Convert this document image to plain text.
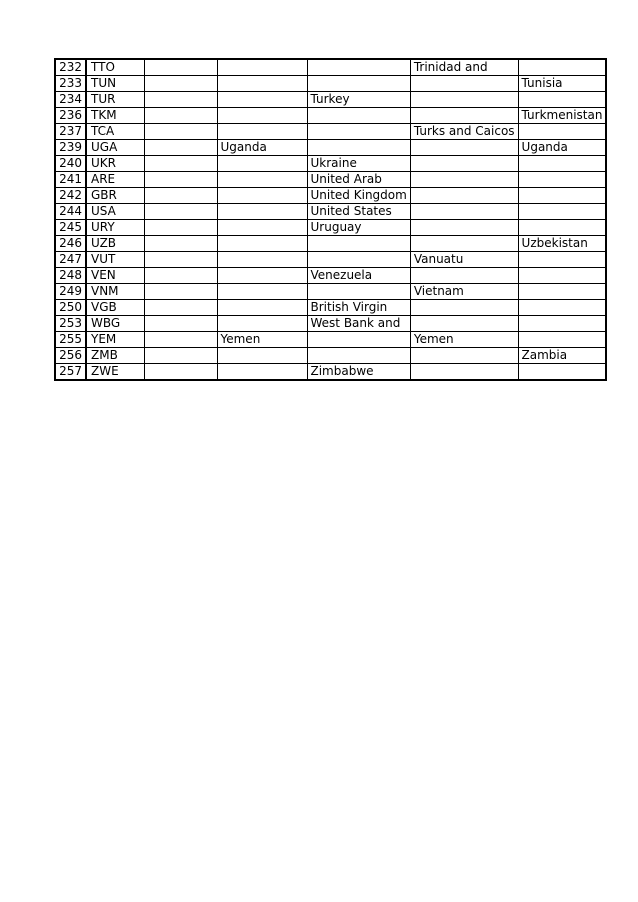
232	TTO				Trinidad and	
233	TUN					Tunisia
234	TUR			Turkey		
236	TKM					Turkmenistan
237	TCA				Turks and Caicos	
239	UGA		Uganda			Uganda
240	UKR			Ukraine		
241	ARE			United Arab		
242	GBR			United Kingdom		
244	USA			United States		
245	URY			Uruguay		
246	UZB					Uzbekistan
247	VUT				Vanuatu	
248	VEN			Venezuela		
249	VNM				Vietnam	
250	VGB			British Virgin		
253	WBG			West Bank and		
255	YEM		Yemen		Yemen	
256	ZMB					Zambia
257	ZWE			Zimbabwe		
